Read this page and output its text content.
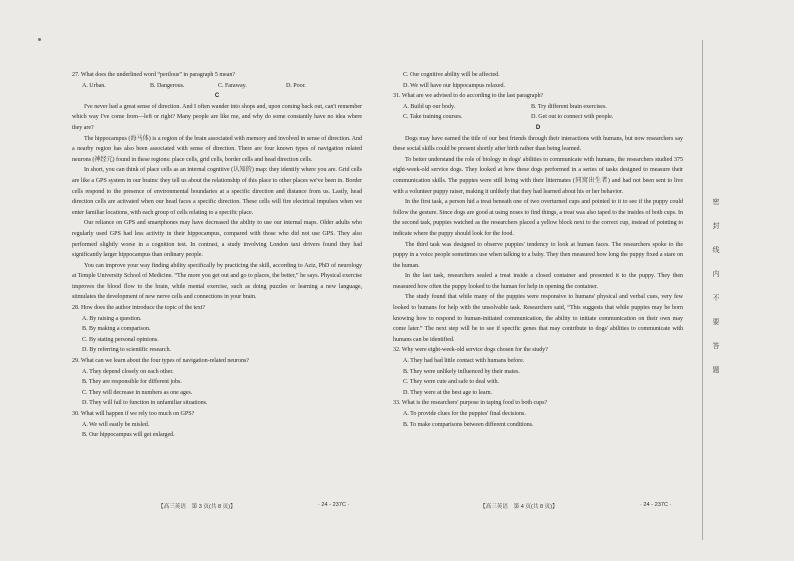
27. What does the underlined word “perilous” in paragraph 5 mean?
A. Urban.	B. Dangerous.	C. Faraway.	D. Poor.
C
I've never had a great sense of direction. And I often wander into shops and, upon coming back out, can't remember which way I've come from—left or right? Many people are like me, and why do some constantly have no idea where they are?
The hippocampus (海马体) is a region of the brain associated with memory and involved in sense of direction. And a nearby region has also been associated with sense of direction. There are four known types of navigation related neurons (神经元) found in these regions: place cells, grid cells, border cells and head direction cells.
In short, you can think of place cells as an internal cognitive (认知的) map: they identify where you are. Grid cells are like a GPS system in our brains: they tell us about the relationship of this place to other places we've been in. Border cells respond to the presence of environmental boundaries at a specific direction and distance from us. Lastly, head direction cells are activated when our head faces a specific direction. These cells will fire electrical impulses when we enter familiar locations, with each group of cells relating to a specific place.
Our reliance on GPS and smartphones may have decreased the ability to use our internal maps. Older adults who regularly used GPS had less activity in their hippocampus, compared with those who did not use GPS. They also performed slightly worse in a cognition test. In contrast, a study involving London taxi drivers found they had significantly larger hippocampus than ordinary people.
You can improve your way finding ability specifically by practicing the skill, according to Aziz, PhD of neurology at Temple University School of Medicine. “The more you get out and go to places, the better,” he says. Physical exercise improves the blood flow to the brain, while mental exercise, such as doing puzzles or learning a new language, stimulates the development of new nerve cells and connections in your brain.
28. How does the author introduce the topic of the text?
A. By raising a question.
B. By making a comparison.
C. By stating personal opinions.
D. By referring to scientific research.
29. What can we learn about the four types of navigation-related neurons?
A. They depend closely on each other.
B. They are responsible for different jobs.
C. They will decrease in numbers as one ages.
D. They will fail to function in unfamiliar situations.
30. What will happen if we rely too much on GPS?
A. We will easily be misled.
B. Our hippocampus will get enlarged.
【高三英语　第 3 页(共 8 页)】	· 24 - 237C ·
C. Our cognitive ability will be affected.
D. We will have our hippocampus relaxed.
31. What are we advised to do according to the last paragraph?
A. Build up our body.	B. Try different brain exercises.
C. Take training courses.	D. Get out to connect with people.
D
Dogs may have earned the title of our best friends through their interactions with humans, but now researchers say these social skills could be present shortly after birth rather than being learned.
To better understand the role of biology in dogs' abilities to communicate with humans, the researchers studied 375 eight-week-old service dogs. They looked at how these dogs performed in a series of tasks designed to measure their communication skills. The puppies were still living with their littermates (同窝出生者) and had not been sent to live with a volunteer puppy raiser, making it unlikely that they had learned about his or her behavior.
In the first task, a person hid a treat beneath one of two overturned cups and pointed to it to see if the puppy could follow the gesture. Since dogs are good at using noses to find things, a treat was also taped to the insides of both cups. In the second task, puppies watched as the researchers placed a yellow block next to the correct cup, instead of pointing to indicate where the puppy should look for the food.
The third task was designed to observe puppies' tendency to look at human faces. The researchers spoke to the puppy in a voice people sometimes use when talking to a baby. They then measured how long the puppy fixed a stare on the human.
In the last task, researchers sealed a treat inside a closed container and presented it to the puppy. They then measured how often the puppy looked to the human for help in opening the container.
The study found that while many of the puppies were responsive to humans' physical and verbal cues, very few looked to humans for help with the unsolvable task. Researchers said, “This suggests that while puppies may be born knowing how to respond to human-initiated communication, the ability to initiate communication on their own may come later.” The next step will be to see if specific genes that may contribute to dogs' abilities to communicate with humans can be identified.
32. Why were eight-week-old service dogs chosen for the study?
A. They had had little contact with humans before.
B. They were unlikely influenced by their mates.
C. They were cute and safe to deal with.
D. They were at the best age to learn.
33. What is the researchers' purpose in taping food to both cups?
A. To provide clues for the puppies' final decisions.
B. To make comparisons between different conditions.
【高三英语　第 4 页(共 8 页)】	· 24 - 237C ·
密 封 线 内 不 要 答 题
